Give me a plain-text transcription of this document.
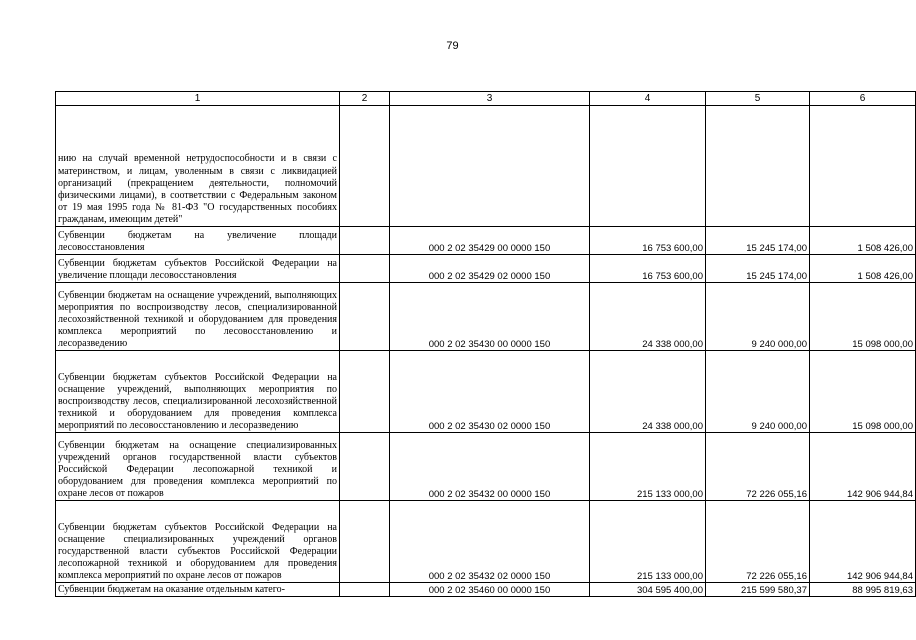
79
1	2	3	4	5	6
нию на случай временной нетрудоспособности и в связи с материнством, и лицам, уволенным в связи с ликвидацией организаций (прекращением деятельности, полномочий физическими лицами), в соответствии с Федеральным законом от 19 мая 1995 года № 81-ФЗ "О государственных пособиях гражданам, имеющим детей"					
Субвенции бюджетам на увеличение площади лесовосстановления		000 2 02 35429 00 0000 150	16 753 600,00	15 245 174,00	1 508 426,00
Субвенции бюджетам субъектов Российской Федерации на увеличение площади лесовосстановления		000 2 02 35429 02 0000 150	16 753 600,00	15 245 174,00	1 508 426,00
Субвенции бюджетам на оснащение учреждений, выполняющих мероприятия по воспроизводству лесов, специализированной лесохозяйственной техникой и оборудованием для проведения комплекса мероприятий по лесовосстановлению и лесоразведению		000 2 02 35430 00 0000 150	24 338 000,00	9 240 000,00	15 098 000,00
Субвенции бюджетам субъектов Российской Федерации на оснащение учреждений, выполняющих мероприятия по воспроизводству лесов, специализированной лесохозяйственной техникой и оборудованием для проведения комплекса мероприятий по лесовосстановлению и лесоразведению		000 2 02 35430 02 0000 150	24 338 000,00	9 240 000,00	15 098 000,00
Субвенции бюджетам на оснащение специализированных учреждений органов государственной власти субъектов Российской Федерации лесопожарной техникой и оборудованием для проведения комплекса мероприятий по охране лесов от пожаров		000 2 02 35432 00 0000 150	215 133 000,00	72 226 055,16	142 906 944,84
Субвенции бюджетам субъектов Российской Федерации на оснащение специализированных учреждений органов государственной власти субъектов Российской Федерации лесопожарной техникой и оборудованием для проведения комплекса мероприятий по охране лесов от пожаров		000 2 02 35432 02 0000 150	215 133 000,00	72 226 055,16	142 906 944,84
Субвенции бюджетам на оказание отдельным катего-		000 2 02 35460 00 0000 150	304 595 400,00	215 599 580,37	88 995 819,63
